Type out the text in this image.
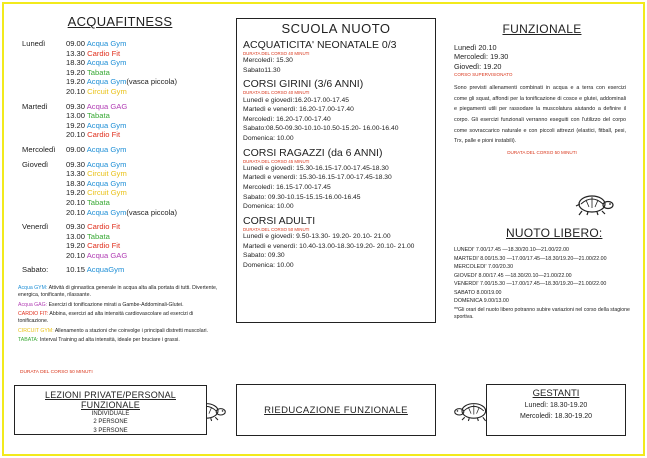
ACQUAFITNESS
Lunedì	09.00 Acqua Gym
13.30 Cardio Fit
18.30 Acqua Gym
19.20 Tabata
19.20 Acqua Gym(vasca piccola)
20.10 Circuit Gym
Martedì	09.30 Acqua GAG
13.00 Tabata
19.20 Acqua Gym
20.10 Cardio Fit
Mercoledì	09.00 Acqua Gym
Giovedì	09.30 Acqua Gym
13.30 Circuit Gym
18.30 Acqua Gym
19.20 Circuit Gym
20.10 Tabata
20.10 Acqua Gym(vasca piccola)
Venerdì	09.30 Cardio Fit
13.00 Tabata
19.20 Cardio Fit
20.10 Acqua GAG
Sabato:	10.15 AcquaGym

Acqua GYM: Attività di ginnastica generale in acqua alta alla portata di tutti. Divertente, energica, tonificante, rilassante.

Acqua GAG: Esercizi di tonificazione mirati a Gambe-Addominali-Glutei.

CARDIO FIT: Abbina, esercizi ad alta intensità cardiovascolare ad esercizi di tonificazione.

CIRCUIT GYM: Allenamento a stazioni che coinvolge i principali distretti muscolari.

TABATA: Interval Training ad alta intensità, ideale per bruciare i grassi.

DURATA DEL CORSO 50 MINUTI
SCUOLA NUOTO
ACQUATICITA' NEONATALE 0/3
DURATA DEL CORSO 40 MINUTI
Mercoledì: 15.30
Sabato11.30
CORSI GIRINI (3/6 ANNI)
DURATA DEL CORSO 40 MINUTI
Lunedì e giovedì:16.20-17.00-17.45
Martedì e venerdì: 16.20-17.00-17.40
Mercoledì: 16.20-17.00-17.40
Sabato:08.50-09.30-10.10-10.50-15.20- 16.00-16.40
Domenica: 10.00
CORSI RAGAZZI (da 6 ANNI)
DURATA DEL CORSO 45 MINUTI
Lunedì e giovedì: 15.30-16.15-17.00-17.45-18.30
Martedì e venerdì: 15.30-16.15-17.00-17.45-18.30
Mercoledì: 16.15-17.00-17.45
Sabato: 09.30-10.15-15.15-16.00-16.45
Domenica: 10.00
CORSI ADULTI
DURATA DEL CORSO 50 MINUTI
Lunedì e giovedì: 9.50-13.30- 19.20- 20.10- 21.00
Martedì e venerdì: 10.40-13.00-18.30-19.20- 20.10- 21.00
Sabato: 09.30
Domenica: 10.00
FUNZIONALE
Lunedì 20.10
Mercoledì: 19.30
Giovedì: 19.20
CORSO SUPERVISIONATO
Sono previsti allenamenti combinati in acqua e a terra con esercizi come gli squat, affondi per la tonificazione di cosce e glutei, addominali e piegamenti utili per rassodare la muscolatura aiutando a definire il corpo. Gli esercizi funzionali verranno eseguiti con l'utilizzo del corpo come sovraccarico naturale e con piccoli attrezzi (elastici, fitball, pesi, Trx, palle e pioni instabili).
DURATA DEL CORSO 50 MINUTI
NUOTO LIBERO:
LUNEDI' 7.00/17.45 —18.30/20.10—21.00/22.00
MARTEDI' 8.00/15.30 —17.00/17.45—18.30/19.20—21.00/22.00
MERCOLEDI' 7.00/20.30
GIOVEDI' 8.00/17.45 —18.30/20.10—21.00/22.00
VENERDI' 7.00/15.30 —17.00/17.45—18.30/19.20—21.00/22.00
SABATO 8.00/19.00
DOMENICA 9.00/13.00
**Gli orari del nuoto libero potranno subire variazioni nel corso della stagione sportiva.
LEZIONI PRIVATE/PERSONAL FUNZIONALE
INDIVIDUALE
2 PERSONE
3 PERSONE
RIEDUCAZIONE FUNZIONALE
GESTANTI
Lunedì: 18.30-19.20
Mercoledì: 18.30-19.20
